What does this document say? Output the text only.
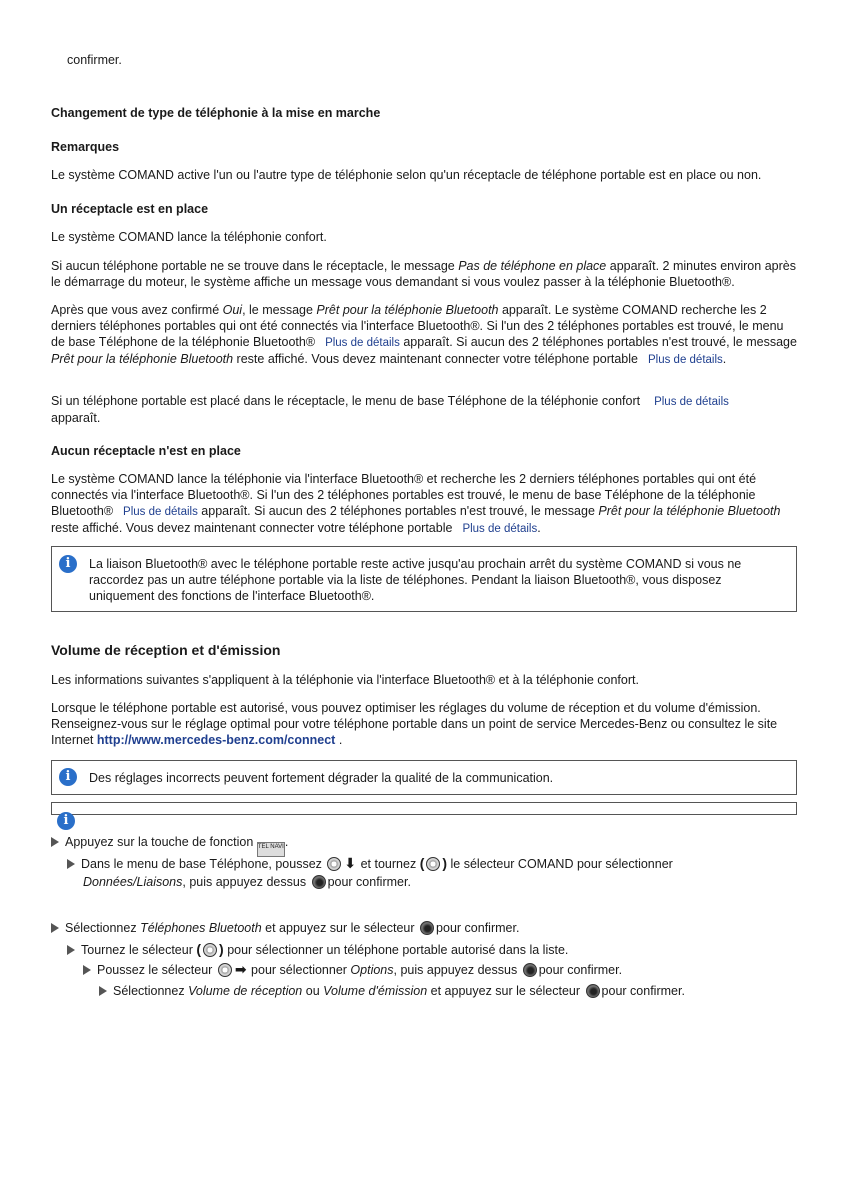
confirmer.

Changement de type de téléphonie à la mise en marche

Remarques

Le système COMAND active l'un ou l'autre type de téléphonie selon qu'un réceptacle de téléphone portable est en place ou non.

Un réceptacle est en place

Le système COMAND lance la téléphonie confort.

Si aucun téléphone portable ne se trouve dans le réceptacle, le message Pas de téléphone en place apparaît. 2 minutes environ après le démarrage du moteur, le système affiche un message vous demandant si vous voulez passer à la téléphonie Bluetooth®.

Après que vous avez confirmé Oui, le message Prêt pour la téléphonie Bluetooth apparaît. Le système COMAND recherche les 2 derniers téléphones portables qui ont été connectés via l'interface Bluetooth®. Si l'un des 2 téléphones portables est trouvé, le menu de base Téléphone de la téléphonie Bluetooth® Plus de détails apparaît. Si aucun des 2 téléphones portables n'est trouvé, le message Prêt pour la téléphonie Bluetooth reste affiché. Vous devez maintenant connecter votre téléphone portable Plus de détails.

Si un téléphone portable est placé dans le réceptacle, le menu de base Téléphone de la téléphonie confort Plus de détails
apparaît.

Aucun réceptacle n'est en place

Le système COMAND lance la téléphonie via l'interface Bluetooth® et recherche les 2 derniers téléphones portables qui ont été connectés via l'interface Bluetooth®. Si l'un des 2 téléphones portables est trouvé, le menu de base Téléphone de la téléphonie Bluetooth® Plus de détails apparaît. Si aucun des 2 téléphones portables n'est trouvé, le message Prêt pour la téléphonie Bluetooth reste affiché. Vous devez maintenant connecter votre téléphone portable Plus de détails.

i	La liaison Bluetooth® avec le téléphone portable reste active jusqu'au prochain arrêt du système COMAND si vous ne raccordez pas un autre téléphone portable via la liste de téléphones. Pendant la liaison Bluetooth®, vous disposez uniquement des fonctions de l'interface Bluetooth®.

Volume de réception et d'émission

Les informations suivantes s'appliquent à la téléphonie via l'interface Bluetooth® et à la téléphonie confort.

Lorsque le téléphone portable est autorisé, vous pouvez optimiser les réglages du volume de réception et du volume d'émission. Renseignez-vous sur le réglage optimal pour votre téléphone portable dans un point de service Mercedes-Benz ou consultez le site Internet http://www.mercedes-benz.com/connect .

i	Des réglages incorrects peuvent fortement dégrader la qualité de la communication.

i
Appuyez sur la touche de fonction TEL NAVI.
Dans le menu de base Téléphone, poussez ⬇ et tournez ( ) le sélecteur COMAND pour sélectionner
Données/Liaisons, puis appuyez dessus pour confirmer.
Sélectionnez Téléphones Bluetooth et appuyez sur le sélecteur pour confirmer.
Tournez le sélecteur ( ) pour sélectionner un téléphone portable autorisé dans la liste.
Poussez le sélecteur ➡ pour sélectionner Options, puis appuyez dessus pour confirmer.
Sélectionnez Volume de réception ou Volume d'émission et appuyez sur le sélecteur pour confirmer.
